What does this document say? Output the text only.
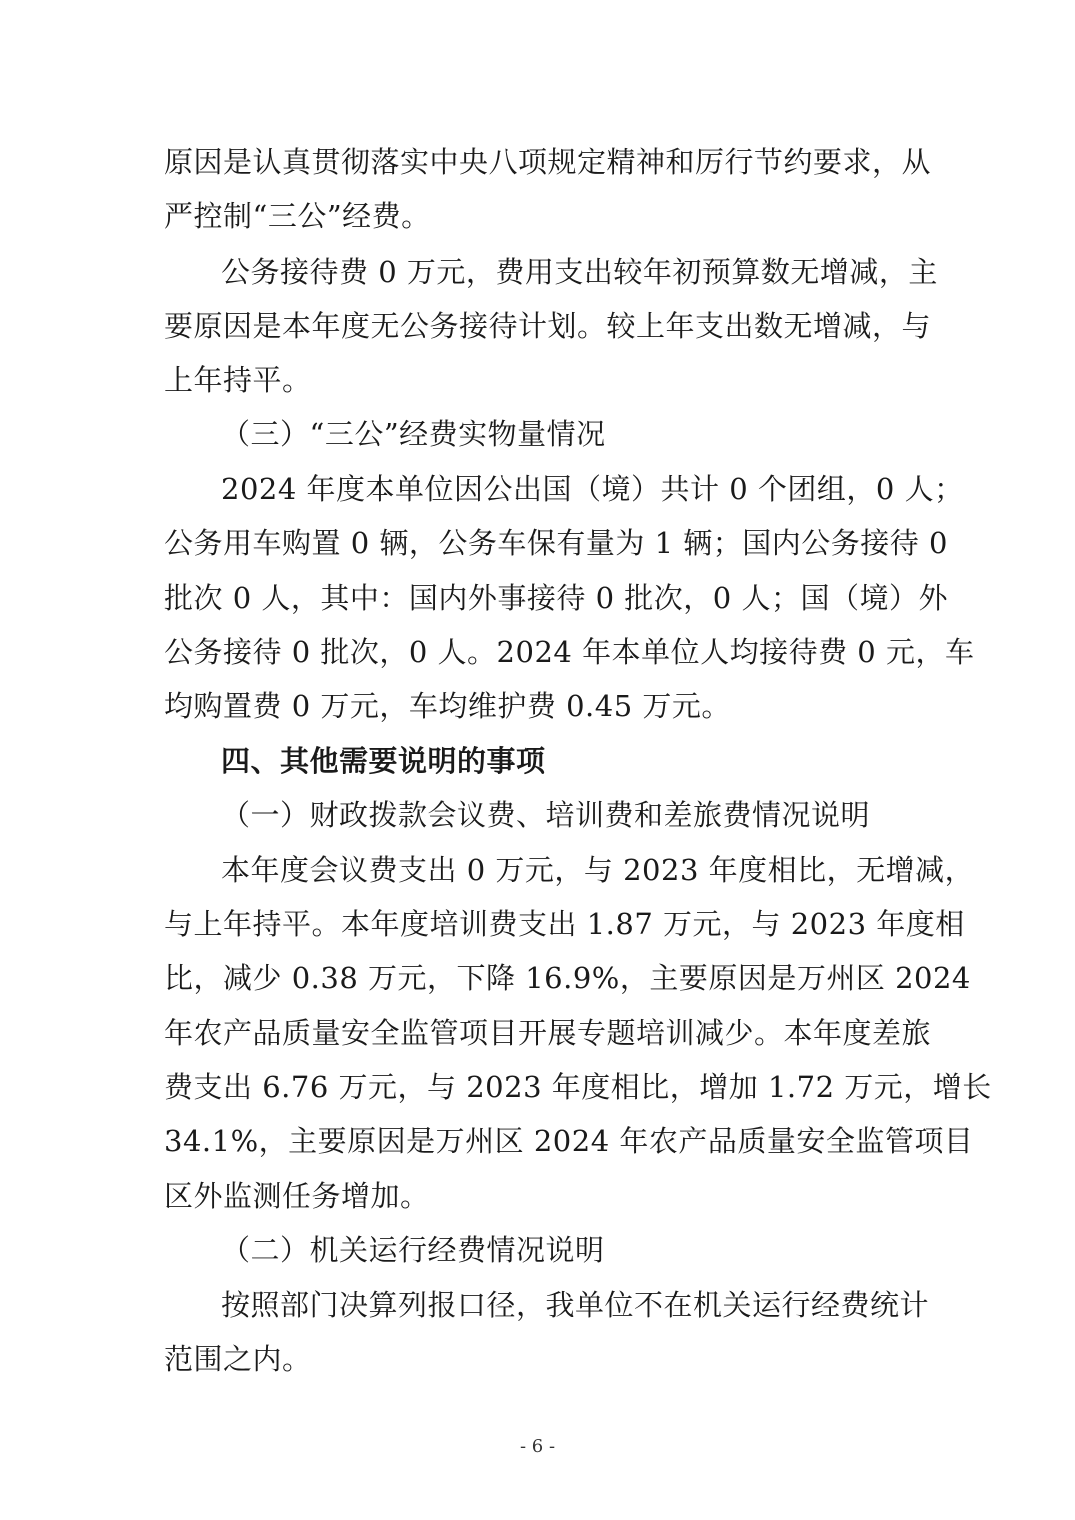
原因是认真贯彻落实中央八项规定精神和厉行节约要求，从
严控制“三公”经费。
公务接待费 0 万元，费用支出较年初预算数无增减，主
要原因是本年度无公务接待计划。较上年支出数无增减，与
上年持平。
（三）“三公”经费实物量情况
2024 年度本单位因公出国（境）共计 0 个团组，0 人；
公务用车购置 0 辆，公务车保有量为 1 辆；国内公务接待 0
批次 0 人，其中：国内外事接待 0 批次，0 人；国（境）外
公务接待 0 批次，0 人。2024 年本单位人均接待费 0 元，车
均购置费 0 万元，车均维护费 0.45 万元。
四、其他需要说明的事项
（一）财政拨款会议费、培训费和差旅费情况说明
本年度会议费支出 0 万元，与 2023 年度相比，无增减，
与上年持平。本年度培训费支出 1.87 万元，与 2023 年度相
比，减少 0.38 万元，下降 16.9%，主要原因是万州区 2024
年农产品质量安全监管项目开展专题培训减少。本年度差旅
费支出 6.76 万元，与 2023 年度相比，增加 1.72 万元，增长
34.1%，主要原因是万州区 2024 年农产品质量安全监管项目
区外监测任务增加。
（二）机关运行经费情况说明
按照部门决算列报口径，我单位不在机关运行经费统计
范围之内。
- 6 -
